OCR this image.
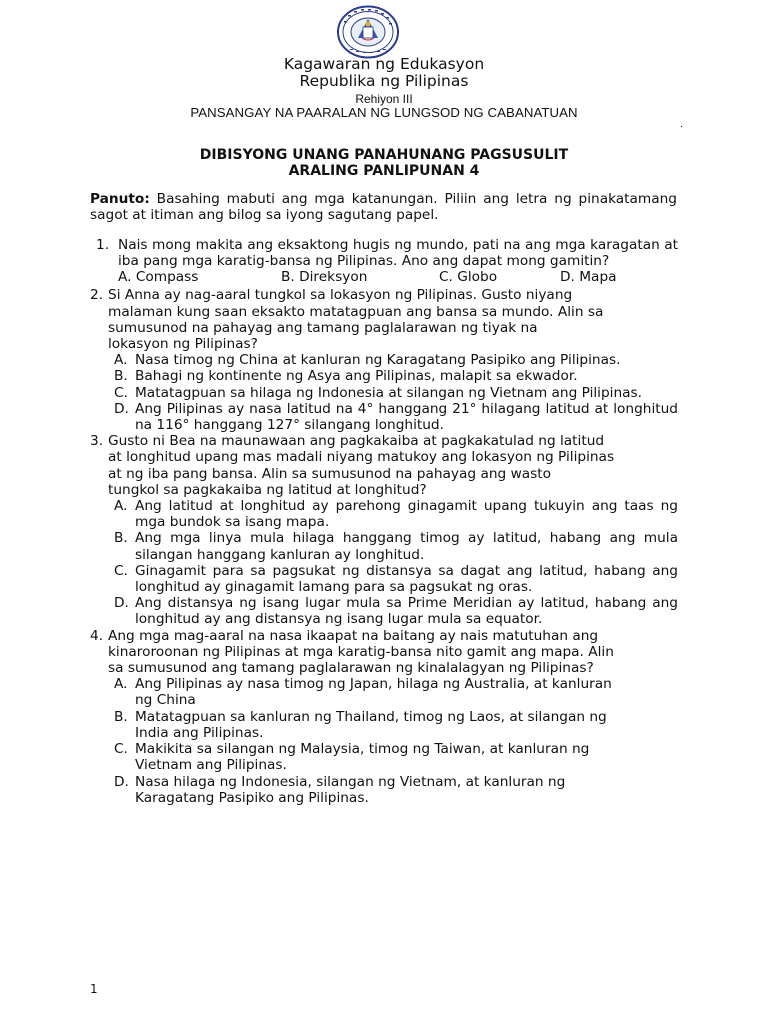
Kagawaran ng Edukasyon
Republika ng Pilipinas
Rehiyon III
PANSANGAY NA PAARALAN NG LUNGSOD NG CABANATUAN
.
DIBISYONG UNANG PANAHUNANG PAGSUSULIT
ARALING PANLIPUNAN 4
Panuto: Basahing mabuti ang mga katanungan. Piliin ang letra ng pinakatamang sagot at itiman ang bilog sa iyong sagutang papel.
1. Nais mong makita ang eksaktong hugis ng mundo, pati na ang mga karagatan at iba pang mga karatig-bansa ng Pilipinas. Ano ang dapat mong gamitin?
A. Compass	B. Direksyon	C. Globo	D. Mapa
2. Si Anna ay nag-aaral tungkol sa lokasyon ng Pilipinas. Gusto niyang
malaman kung saan eksakto matatagpuan ang bansa sa mundo. Alin sa
sumusunod na pahayag ang tamang paglalarawan ng tiyak na
lokasyon ng Pilipinas?
A. Nasa timog ng China at kanluran ng Karagatang Pasipiko ang Pilipinas.
B. Bahagi ng kontinente ng Asya ang Pilipinas, malapit sa ekwador.
C. Matatagpuan sa hilaga ng Indonesia at silangan ng Vietnam ang Pilipinas.
D. Ang Pilipinas ay nasa latitud na 4° hanggang 21° hilagang latitud at longhitud na 116° hanggang 127° silangang longhitud.
3. Gusto ni Bea na maunawaan ang pagkakaiba at pagkakatulad ng latitud
at longhitud upang mas madali niyang matukoy ang lokasyon ng Pilipinas
at ng iba pang bansa. Alin sa sumusunod na pahayag ang wasto
tungkol sa pagkakaiba ng latitud at longhitud?
A. Ang latitud at longhitud ay parehong ginagamit upang tukuyin ang taas ng mga bundok sa isang mapa.
B. Ang mga linya mula hilaga hanggang timog ay latitud, habang ang mula silangan hanggang kanluran ay longhitud.
C. Ginagamit para sa pagsukat ng distansya sa dagat ang latitud, habang ang longhitud ay ginagamit lamang para sa pagsukat ng oras.
D. Ang distansya ng isang lugar mula sa Prime Meridian ay latitud, habang ang longhitud ay ang distansya ng isang lugar mula sa equator.
4. Ang mga mag-aaral na nasa ikaapat na baitang ay nais matutuhan ang
kinaroroonan ng Pilipinas at mga karatig-bansa nito gamit ang mapa. Alin
sa sumusunod ang tamang paglalarawan ng kinalalagyan ng Pilipinas?
A. Ang Pilipinas ay nasa timog ng Japan, hilaga ng Australia, at kanluran
ng China
B. Matatagpuan sa kanluran ng Thailand, timog ng Laos, at silangan ng
India ang Pilipinas.
C. Makikita sa silangan ng Malaysia, timog ng Taiwan, at kanluran ng
Vietnam ang Pilipinas.
D. Nasa hilaga ng Indonesia, silangan ng Vietnam, at kanluran ng
Karagatang Pasipiko ang Pilipinas.
1
